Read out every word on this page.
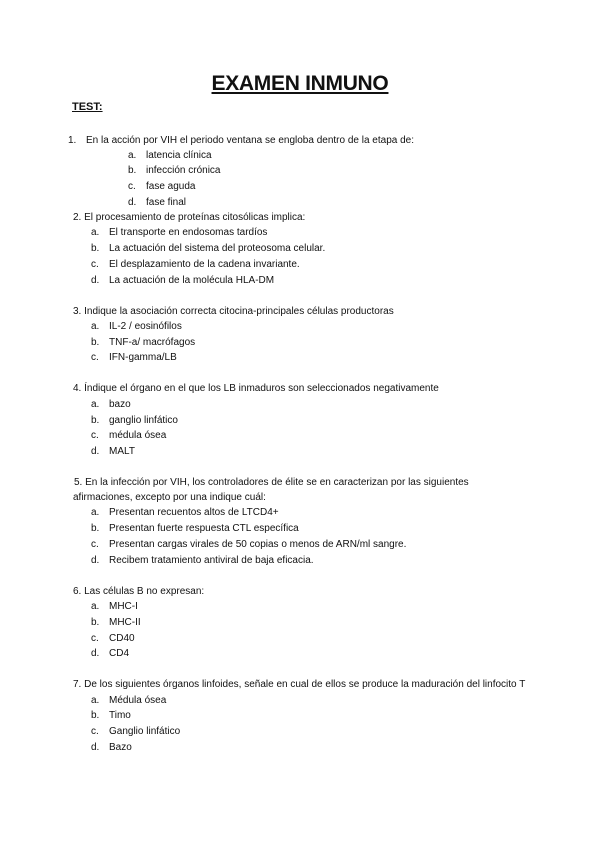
EXAMEN INMUNO
TEST:
1. En la acción por VIH el periodo ventana se engloba dentro de la etapa de:
a. latencia clínica
b. infección crónica
c. fase aguda
d. fase final
2. El procesamiento de proteínas citosólicas implica:
a. El transporte en endosomas tardíos
b. La actuación del sistema del proteosoma celular.
c. El desplazamiento de la cadena invariante.
d. La actuación de la molécula HLA-DM
3. Indique la asociación correcta citocina-principales células productoras
a. IL-2 / eosinófilos
b. TNF-a/ macrófagos
c. IFN-gamma/LB
4. Índique el órgano en el que los LB inmaduros son seleccionados negativamente
a. bazo
b. ganglio linfático
c. médula ósea
d. MALT
5. En la infección por VIH, los controladores de élite se en caracterizan por las siguientes
afirmaciones, excepto por una indique cuál:
a. Presentan recuentos altos de LTCD4+
b. Presentan fuerte respuesta CTL específica
c. Presentan cargas virales de 50 copias o menos de ARN/ml sangre.
d. Recibem tratamiento antiviral de baja eficacia.
6. Las células B no expresan:
a. MHC-I
b. MHC-II
c. CD40
d. CD4
7. De los siguientes órganos linfoides, señale en cual de ellos se produce la maduración del linfocito T
a. Médula ósea
b. Timo
c. Ganglio linfático
d. Bazo
